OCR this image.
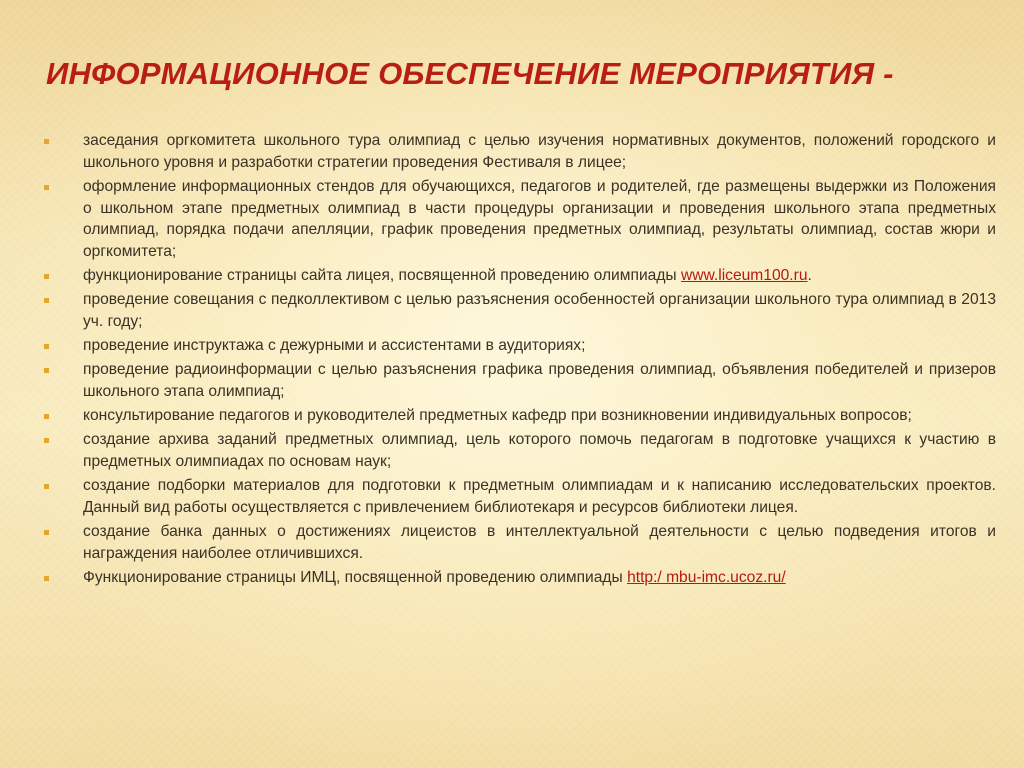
ИНФОРМАЦИОННОЕ ОБЕСПЕЧЕНИЕ МЕРОПРИЯТИЯ -
заседания оргкомитета школьного тура олимпиад с целью изучения нормативных документов, положений городского и школьного уровня и разработки стратегии проведения Фестиваля в лицее;
оформление информационных стендов для обучающихся, педагогов и родителей, где размещены выдержки из Положения о школьном этапе предметных олимпиад в части процедуры организации и проведения школьного этапа предметных олимпиад, порядка подачи апелляции, график проведения предметных олимпиад, результаты олимпиад, состав жюри и оргкомитета;
функционирование страницы сайта лицея, посвященной проведению олимпиады www.liceum100.ru.
проведение совещания с педколлективом с целью разъяснения особенностей организации школьного тура олимпиад в 2013 уч. году;
проведение инструктажа с дежурными и ассистентами в аудиториях;
проведение радиоинформации с целью разъяснения графика проведения олимпиад, объявления победителей и призеров школьного этапа олимпиад;
консультирование педагогов и руководителей предметных кафедр при возникновении индивидуальных вопросов;
создание архива заданий предметных олимпиад, цель которого помочь педагогам в подготовке учащихся к участию в предметных олимпиадах по основам наук;
создание подборки материалов для подготовки к предметным олимпиадам и к написанию исследовательских проектов. Данный вид работы осуществляется с привлечением библиотекаря и ресурсов библиотеки лицея.
создание банка данных о достижениях лицеистов в интеллектуальной деятельности с целью подведения итогов и награждения наиболее отличившихся.
Функционирование страницы ИМЦ, посвященной проведению олимпиады http:/ mbu-imc.ucoz.ru/
